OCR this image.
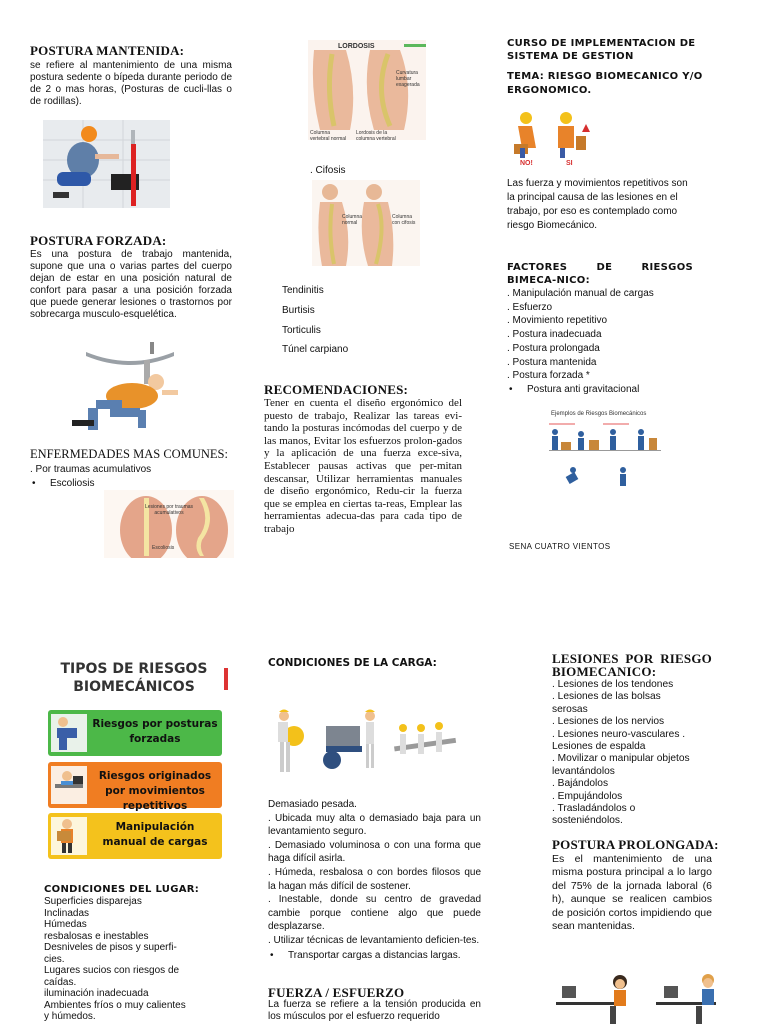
POSTURA MANTENIDA:
se refiere al mantenimiento de una misma postura sedente o bípeda durante periodo de de 2 o mas horas, (Posturas de cucli-llas o de rodillas).
POSTURA FORZADA:
Es una postura de trabajo mantenida, supone que una o varias partes del cuerpo dejan de estar en una posición natural de confort para pasar a una posición forzada que puede generar lesiones o trastornos por sobrecarga musculo-esquelética.
ENFERMEDADES MAS COMUNES:
. Por traumas acumulativos
• Escoliosis
Lesiones por traumas acumulativos
Escoliosis
LORDOSIS
Columna vertebral normal
Lordosis de la columna vertebral
Curvatura lumbar exagerada
. Cifosis
Columna normal
Columna con cifosis
Tendinitis
Burtisis
Torticulis
Túnel carpiano
RECOMENDACIONES:
Tener en cuenta el diseño ergonómico del puesto de trabajo, Realizar las tareas evi-tando la posturas incómodas del cuerpo y de las manos, Evitar los esfuerzos prolon-gados y la aplicación de una fuerza exce-siva, Establecer pausas activas que per-mitan descansar, Utilizar herramientas manuales de diseño ergonómico, Redu-cir la fuerza que se emplea en ciertas ta-reas, Emplear las herramientas adecua-das para cada tipo de trabajo
CURSO DE IMPLEMENTACION DE SISTEMA DE GESTION
TEMA: RIESGO BIOMECANICO Y/O ERGONOMICO.
NO!	SI
Las fuerza y movimientos repetitivos son la principal causa de las lesiones en el trabajo, por eso es contemplado como riesgo Biomecánico.
FACTORES DE RIESGOS BIMECA-NICO:
. Manipulación manual de cargas
. Esfuerzo
. Movimiento repetitivo
. Postura inadecuada
. Postura prolongada
. Postura mantenida
. Postura forzada *
• Postura anti gravitacional
Ejemplos de Riesgos Biomecánicos
SENA CUATRO VIENTOS
TIPOS DE RIESGOS
BIOMECÁNICOS
Riesgos por posturas forzadas
Riesgos originados por movimientos repetitivos
Manipulación manual de cargas
CONDICIONES DEL LUGAR:
Superficies disparejas
Inclinadas
Húmedas
resbalosas e inestables
Desniveles de pisos y superfi-
cies.
Lugares sucios con riesgos de
caídas.
iluminación inadecuada
Ambientes fríos o muy calientes
y húmedos.
CONDICIONES DE LA CARGA:
Demasiado pesada.
. Ubicada muy alta o demasiado baja para un levantamiento seguro.
. Demasiado voluminosa o con una forma que haga difícil asirla.
. Húmeda, resbalosa o con bordes filosos que la hagan más difícil de sostener.
. Inestable, donde su centro de gravedad cambie porque contiene algo que puede desplazarse.
. Utilizar técnicas de levantamiento deficien-tes.
• Transportar cargas a distancias largas.
FUERZA / ESFUERZO
La fuerza se refiere a la tensión producida en los músculos por el esfuerzo requerido
LESIONES POR RIESGO BIOMECANICO:
. Lesiones de los tendones
. Lesiones de las bolsas
serosas
. Lesiones de los nervios
. Lesiones neuro-vasculares .
Lesiones de espalda
. Movilizar o manipular objetos
levantándolos
. Bajándolos
. Empujándolos
. Trasladándolos o
sosteniéndolos.
POSTURA PROLONGADA:
Es el mantenimiento de una misma postura principal a lo largo del 75% de la jornada laboral (6 h), aunque se realicen cambios de posición cortos impidiendo que sean mantenidas.
